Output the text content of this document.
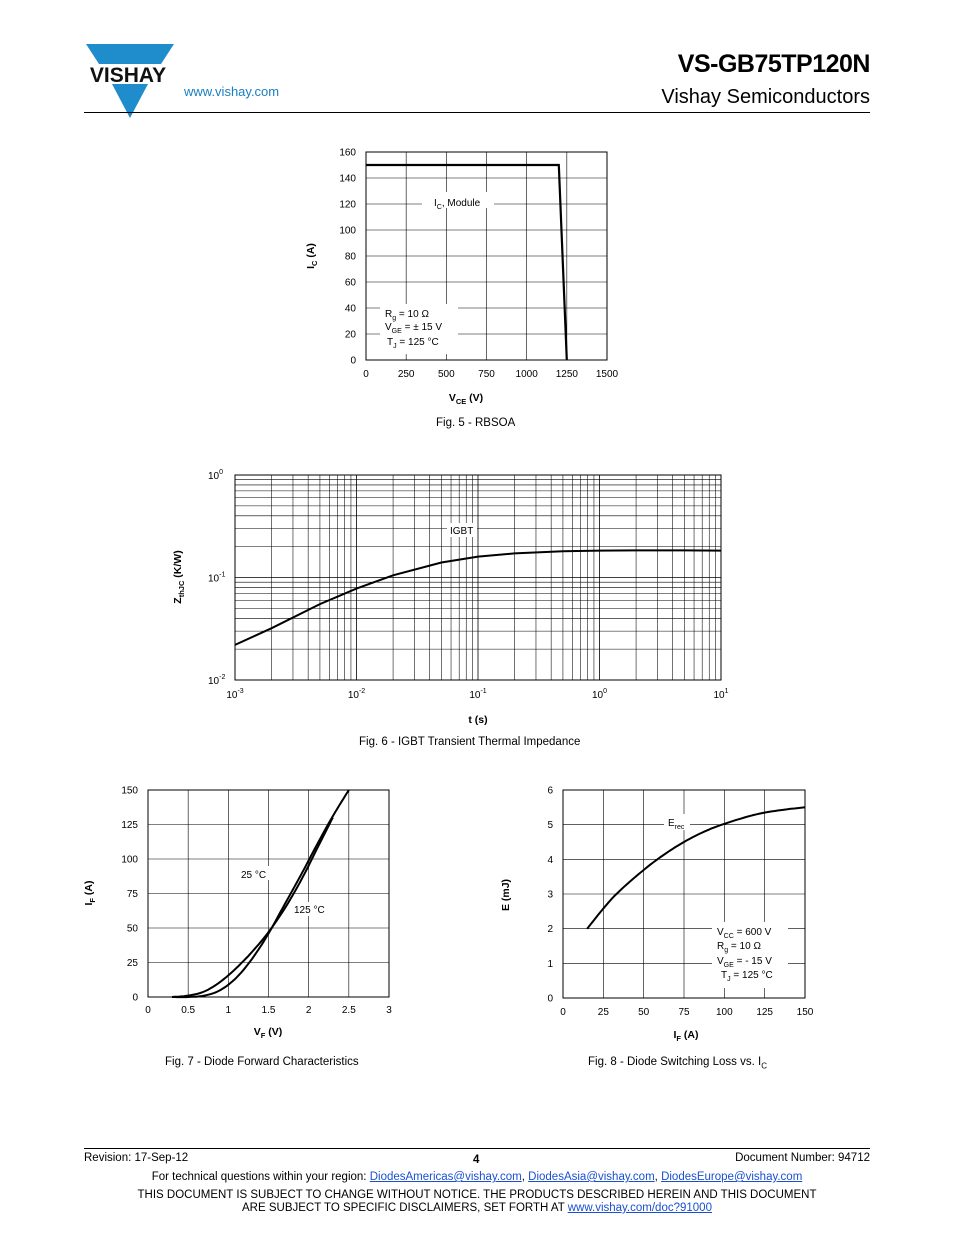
VISHAY
www.vishay.com
VS-GB75TP120N
Vishay Semiconductors
0
20
40
60
80
100
120
140
160
0	250 500 750 1000 1250 1500
$I_C$, Module
$R_g = 10$ Ω
$V_{GE}$ = ± 15 V
$T_J = 125$ °C
$V_{CE}$ (V)
$I_C$ (A)
Fig. 5 - RBSOA
$10^{-3}$	$10^{-2}$	$10^{-1}$	$10^0$	$10^1$
$10^{-2}$
$10^{-1}$
$10^0$
IGBT
t (s)
$Z_{thJC}$ (K/W)
Fig. 6 - IGBT Transient Thermal Impedance
0
25
50
75
100
125
150
0	0.5	1	1.5	2	2.5	3
25 °C
125 °C
$V_F$ (V)
$I_F$ (A)
Fig. 7 - Diode Forward Characteristics
0
1
2
3
4
5
6
0	25	50	75	100 125 150
$E_{rec}$
$V_{CC} = 600$ V
$R_g = 10$ Ω
$V_{GE}$ = - 15 V
$T_J = 125$ °C
$I_F$ (A)
E (mJ)
Fig. 8 - Diode Switching Loss vs. $I_C$
Revision: 17-Sep-12	4	Document Number: 94712
For technical questions within your region: DiodesAmericas@vishay.com, DiodesAsia@vishay.com, DiodesEurope@vishay.com
THIS DOCUMENT IS SUBJECT TO CHANGE WITHOUT NOTICE. THE PRODUCTS DESCRIBED HEREIN AND THIS DOCUMENT
ARE SUBJECT TO SPECIFIC DISCLAIMERS, SET FORTH AT www.vishay.com/doc?91000
